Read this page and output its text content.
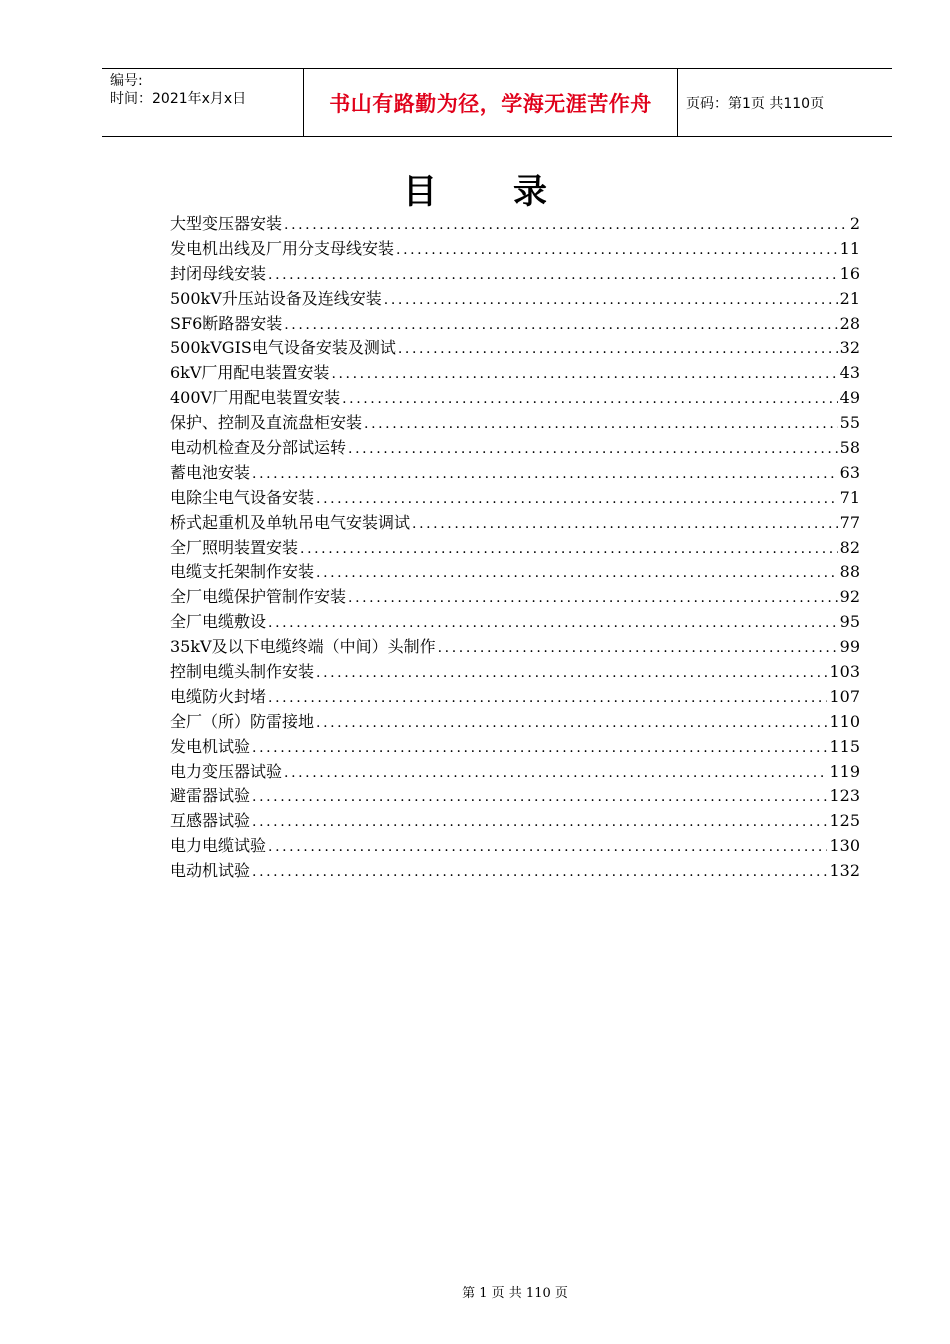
编号:
时间：2021年x月x日	书山有路勤为径，学海无涯苦作舟	页码：第1页 共110页
目录
大型变压器安装 .....	2
发电机出线及厂用分支母线安装 .....	11
封闭母线安装 .....	16
500kV升压站设备及连线安装 .....	21
SF6断路器安装 .....	28
500kVGIS电气设备安装及测试 .....	32
6kV厂用配电装置安装 .....	43
400V厂用配电装置安装 .....	49
保护、控制及直流盘柜安装 .....	55
电动机检查及分部试运转 .....	58
蓄电池安装 .....	63
电除尘电气设备安装 .....	71
桥式起重机及单轨吊电气安装调试 .....	77
全厂照明装置安装 .....	82
电缆支托架制作安装 .....	88
全厂电缆保护管制作安装 .....	92
全厂电缆敷设 .....	95
35kV及以下电缆终端（中间）头制作 .....	99
控制电缆头制作安装 .....	103
电缆防火封堵 .....	107
全厂（所）防雷接地 .....	110
发电机试验 .....	115
电力变压器试验 .....	119
避雷器试验 .....	123
互感器试验 .....	125
电力电缆试验 .....	130
电动机试验 .....	132
第 1 页 共 110 页
